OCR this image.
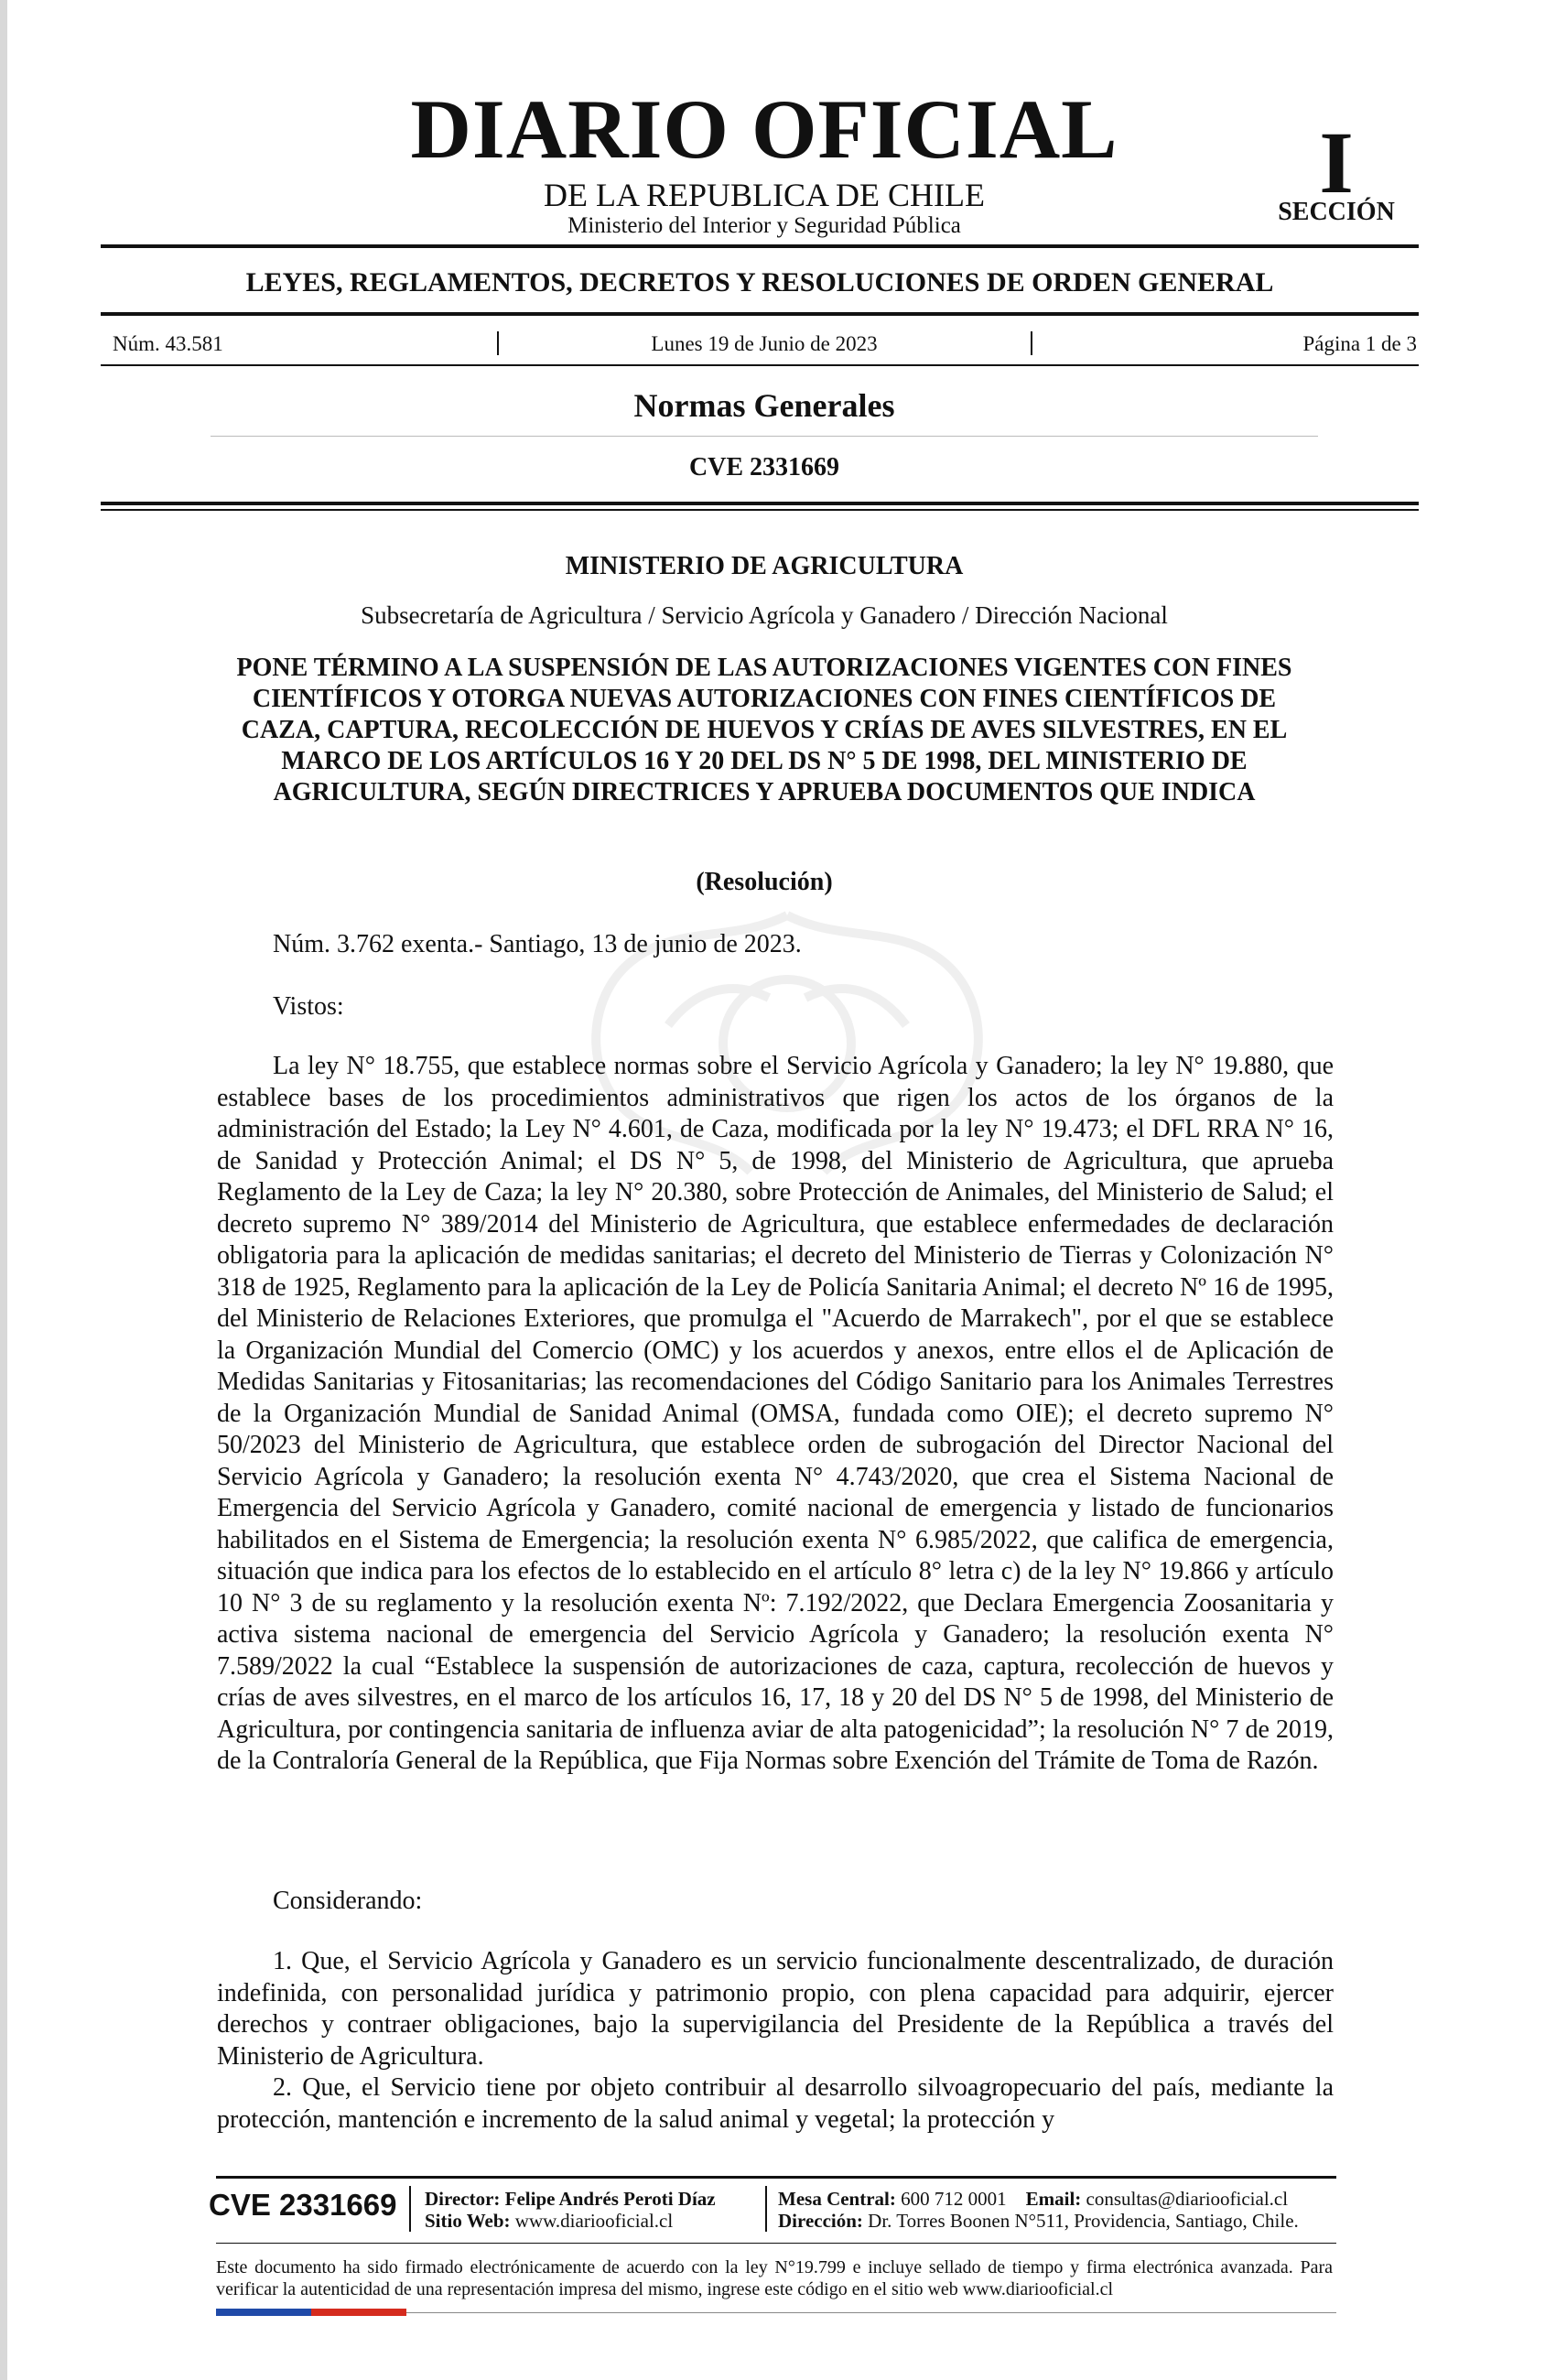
DIARIO OFICIAL
DE LA REPUBLICA DE CHILE
Ministerio del Interior y Seguridad Pública
I
SECCIÓN
LEYES, REGLAMENTOS, DECRETOS Y RESOLUCIONES DE ORDEN GENERAL
Núm. 43.581	Lunes 19 de Junio de 2023	Página 1 de 3
Normas Generales
CVE 2331669
MINISTERIO DE AGRICULTURA
Subsecretaría de Agricultura / Servicio Agrícola y Ganadero / Dirección Nacional

PONE TÉRMINO A LA SUSPENSIÓN DE LAS AUTORIZACIONES VIGENTES CON FINES CIENTÍFICOS Y OTORGA NUEVAS AUTORIZACIONES CON FINES CIENTÍFICOS DE CAZA, CAPTURA, RECOLECCIÓN DE HUEVOS Y CRÍAS DE AVES SILVESTRES, EN EL MARCO DE LOS ARTÍCULOS 16 Y 20 DEL DS N° 5 DE 1998, DEL MINISTERIO DE AGRICULTURA, SEGÚN DIRECTRICES Y APRUEBA DOCUMENTOS QUE INDICA

(Resolución)

Núm. 3.762 exenta.- Santiago, 13 de junio de 2023.

Vistos:

La ley N° 18.755, que establece normas sobre el Servicio Agrícola y Ganadero; la ley N° 19.880, que establece bases de los procedimientos administrativos que rigen los actos de los órganos de la administración del Estado; la Ley N° 4.601, de Caza, modificada por la ley N° 19.473; el DFL RRA N° 16, de Sanidad y Protección Animal; el DS N° 5, de 1998, del Ministerio de Agricultura, que aprueba Reglamento de la Ley de Caza; la ley N° 20.380, sobre Protección de Animales, del Ministerio de Salud; el decreto supremo N° 389/2014 del Ministerio de Agricultura, que establece enfermedades de declaración obligatoria para la aplicación de medidas sanitarias; el decreto del Ministerio de Tierras y Colonización N° 318 de 1925, Reglamento para la aplicación de la Ley de Policía Sanitaria Animal; el decreto Nº 16 de 1995, del Ministerio de Relaciones Exteriores, que promulga el "Acuerdo de Marrakech", por el que se establece la Organización Mundial del Comercio (OMC) y los acuerdos y anexos, entre ellos el de Aplicación de Medidas Sanitarias y Fitosanitarias; las recomendaciones del Código Sanitario para los Animales Terrestres de la Organización Mundial de Sanidad Animal (OMSA, fundada como OIE); el decreto supremo N° 50/2023 del Ministerio de Agricultura, que establece orden de subrogación del Director Nacional del Servicio Agrícola y Ganadero; la resolución exenta N° 4.743/2020, que crea el Sistema Nacional de Emergencia del Servicio Agrícola y Ganadero, comité nacional de emergencia y listado de funcionarios habilitados en el Sistema de Emergencia; la resolución exenta N° 6.985/2022, que califica de emergencia, situación que indica para los efectos de lo establecido en el artículo 8° letra c) de la ley N° 19.866 y artículo 10 N° 3 de su reglamento y la resolución exenta Nº: 7.192/2022, que Declara Emergencia Zoosanitaria y activa sistema nacional de emergencia del Servicio Agrícola y Ganadero; la resolución exenta N° 7.589/2022 la cual “Establece la suspensión de autorizaciones de caza, captura, recolección de huevos y crías de aves silvestres, en el marco de los artículos 16, 17, 18 y 20 del DS N° 5 de 1998, del Ministerio de Agricultura, por contingencia sanitaria de influenza aviar de alta patogenicidad”; la resolución N° 7 de 2019, de la Contraloría General de la República, que Fija Normas sobre Exención del Trámite de Toma de Razón.

Considerando:

1. Que, el Servicio Agrícola y Ganadero es un servicio funcionalmente descentralizado, de duración indefinida, con personalidad jurídica y patrimonio propio, con plena capacidad para adquirir, ejercer derechos y contraer obligaciones, bajo la supervigilancia del Presidente de la República a través del Ministerio de Agricultura.

2. Que, el Servicio tiene por objeto contribuir al desarrollo silvoagropecuario del país, mediante la protección, mantención e incremento de la salud animal y vegetal; la protección y

CVE 2331669 Director: Felipe Andrés Peroti Díaz
Sitio Web: www.diariooficial.cl
Mesa Central: 600 712 0001 Email: consultas@diariooficial.cl
Dirección: Dr. Torres Boonen N°511, Providencia, Santiago, Chile.

Este documento ha sido firmado electrónicamente de acuerdo con la ley N°19.799 e incluye sellado de tiempo y firma electrónica avanzada. Para verificar la autenticidad de una representación impresa del mismo, ingrese este código en el sitio web www.diariooficial.cl
